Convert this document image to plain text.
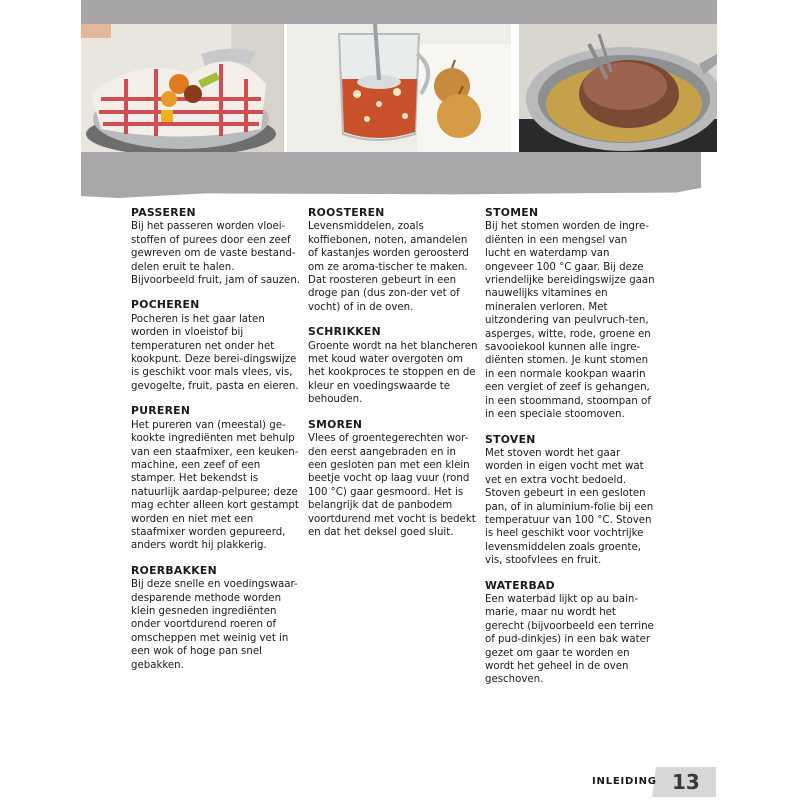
PASSEREN

Bij het passeren worden vloei-stoffen of purees door een zeef gewreven om de vaste bestand-delen eruit te halen. Bijvoorbeeld fruit, jam of sauzen.

POCHEREN

Pocheren is het gaar laten worden in vloeistof bij temperaturen net onder het kookpunt. Deze berei-dingswijze is geschikt voor mals vlees, vis, gevogelte, fruit, pasta en eieren.

PUREREN

Het pureren van (meestal) ge-kookte ingrediënten met behulp van een staafmixer, een keuken-machine, een zeef of een stamper. Het bekendst is natuurlijk aardap-pelpuree; deze mag echter alleen kort gestampt worden en niet met een staafmixer worden gepureerd, anders wordt hij plakkerig.

ROERBAKKEN

Bij deze snelle en voedingswaar-desparende methode worden klein gesneden ingrediënten onder voortdurend roeren of omscheppen met weinig vet in een wok of hoge pan snel gebakken.

ROOSTEREN

Levensmiddelen, zoals koffiebonen, noten, amandelen of kastanjes worden geroosterd om ze aroma-tischer te maken. Dat roosteren gebeurt in een droge pan (dus zon-der vet of vocht) of in de oven.

SCHRIKKEN

Groente wordt na het blancheren met koud water overgoten om het kookproces te stoppen en de kleur en voedingswaarde te behouden.

SMOREN

Vlees of groentegerechten wor-den eerst aangebraden en in een gesloten pan met een klein beetje vocht op laag vuur (rond 100 °C) gaar gesmoord. Het is belangrijk dat de panbodem voortdurend met vocht is bedekt en dat het deksel goed sluit.

STOMEN

Bij het stomen worden de ingre-diënten in een mengsel van lucht en waterdamp van ongeveer 100 °C gaar. Bij deze vriendelijke bereidingswijze gaan nauwelijks vitamines en mineralen verloren. Met uitzondering van peulvruch-ten, asperges, witte, rode, groene en savooiekool kunnen alle ingre-diënten stomen. Je kunt stomen in een normale kookpan waarin een vergiet of zeef is gehangen, in een stoommand, stoompan of in een speciale stoomoven.

STOVEN

Met stoven wordt het gaar worden in eigen vocht met wat vet en extra vocht bedoeld. Stoven gebeurt in een gesloten pan, of in aluminium-folie bij een temperatuur van 100 °C. Stoven is heel geschikt voor vochtrijke levensmiddelen zoals groente, vis, stoofvlees en fruit.

WATERBAD

Een waterbad lijkt op au bain-marie, maar nu wordt het gerecht (bijvoorbeeld een terrine of pud-dinkjes) in een bak water gezet om gaar te worden en wordt het geheel in de oven geschoven.

INLEIDING 13
